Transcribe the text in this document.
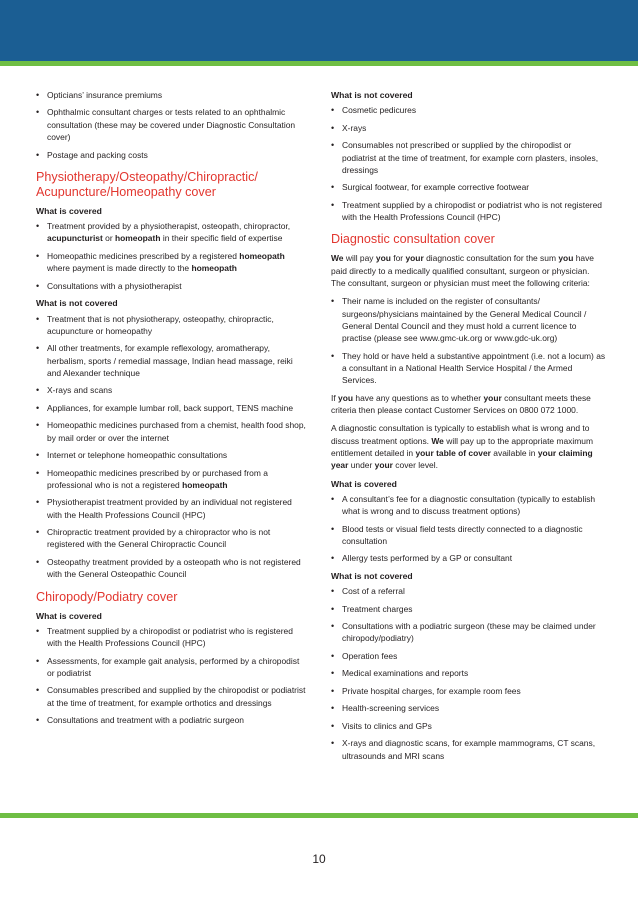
• Opticians’ insurance premiums
• Ophthalmic consultant charges or tests related to an ophthalmic consultation (these may be covered under Diagnostic Consultation cover)
• Postage and packing costs
Physiotherapy/Osteopathy/Chiropractic/ Acupuncture/Homeopathy cover
What is covered
• Treatment provided by a physiotherapist, osteopath, chiropractor, acupuncturist or homeopath in their specific field of expertise
• Homeopathic medicines prescribed by a registered homeopath where payment is made directly to the homeopath
• Consultations with a physiotherapist
What is not covered
• Treatment that is not physiotherapy, osteopathy, chiropractic, acupuncture or homeopathy
• All other treatments, for example reflexology, aromatherapy, herbalism, sports / remedial massage, Indian head massage, reiki and Alexander technique
• X-rays and scans
• Appliances, for example lumbar roll, back support, TENS machine
• Homeopathic medicines purchased from a chemist, health food shop, by mail order or over the internet
• Internet or telephone homeopathic consultations
• Homeopathic medicines prescribed by or purchased from a professional who is not a registered homeopath
• Physiotherapist treatment provided by an individual not registered with the Health Professions Council (HPC)
• Chiropractic treatment provided by a chiropractor who is not registered with the General Chiropractic Council
• Osteopathy treatment provided by a osteopath who is not registered with the General Osteopathic Council
Chiropody/Podiatry cover
What is covered
• Treatment supplied by a chiropodist or podiatrist who is registered with the Health Professions Council (HPC)
• Assessments, for example gait analysis, performed by a chiropodist or podiatrist
• Consumables prescribed and supplied by the chiropodist or podiatrist at the time of treatment, for example orthotics and dressings
• Consultations and treatment with a podiatric surgeon
What is not covered
• Cosmetic pedicures
• X-rays
• Consumables not prescribed or supplied by the chiropodist or podiatrist at the time of treatment, for example corn plasters, insoles, dressings
• Surgical footwear, for example corrective footwear
• Treatment supplied by a chiropodist or podiatrist who is not registered with the Health Professions Council (HPC)
Diagnostic consultation cover

We will pay you for your diagnostic consultation for the sum you have paid directly to a medically qualified consultant, surgeon or physician. The consultant, surgeon or physician must meet the following criteria:

• Their name is included on the register of consultants/ surgeons/physicians maintained by the General Medical Council / General Dental Council and they must hold a current licence to practise (please see www.gmc-uk.org or www.gdc-uk.org)
• They hold or have held a substantive appointment (i.e. not a locum) as a consultant in a National Health Service Hospital / the Armed Services.

If you have any questions as to whether your consultant meets these criteria then please contact Customer Services on 0800 072 1000.

A diagnostic consultation is typically to establish what is wrong and to discuss treatment options. We will pay up to the appropriate maximum entitlement detailed in your table of cover available in your claiming year under your cover level.

What is covered
• A consultant’s fee for a diagnostic consultation (typically to establish what is wrong and to discuss treatment options)
• Blood tests or visual field tests directly connected to a diagnostic consultation
• Allergy tests performed by a GP or consultant
What is not covered
• Cost of a referral
• Treatment charges
• Consultations with a podiatric surgeon (these may be claimed under chiropody/podiatry)
• Operation fees
• Medical examinations and reports
• Private hospital charges, for example room fees
• Health-screening services
• Visits to clinics and GPs
• X-rays and diagnostic scans, for example mammograms, CT scans, ultrasounds and MRI scans
10
